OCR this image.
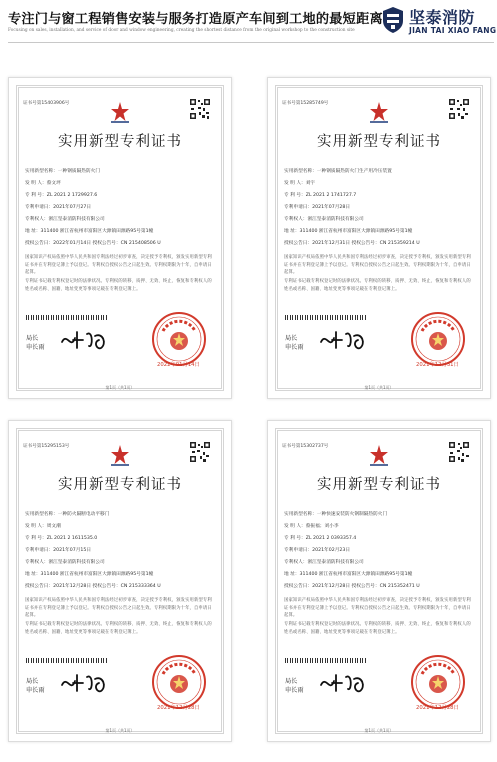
专注门与窗工程销售安装与服务打造原产车间到工地的最短距离
Focusing on sales, installation, and service of door and window engineering, creating the shortest distance from the original workshop to the construction site
坚泰消防
JIAN TAI XIAO FANG
证书号第15403906号
实用新型专利证书
实用新型名称：一种钢质隔热防火门
发 明 人：蔡文坪
专 利 号：ZL 2021 2 1729927.6
专利申请日：2021年07月27日
专利权人：浙江坚泰消防科技有限公司
地 址：311400 浙江省杭州市富阳区大源镇田源路95号第1幢
授权公告日：2022年01月14日 授权公告号：CN 215408506 U
国家知识产权局依照中华人民共和国专利法经过初步审查，决定授予专利权，颁发实用新型专利证书并在专利登记簿上予以登记。专利权自授权公告之日起生效。专利权期限为十年，自申请日起算。
专利证书记载专利权登记时的法律状况。专利权的转移、质押、无效、终止、恢复和专利权人的姓名或名称、国籍、地址变更等事项记载在专利登记簿上。
局长
申长雨
2022年01月14日
第1页（共1页）
证书号第15285749号
实用新型专利证书
实用新型名称：一种钢质隔热防火门生产用冷压装置
发 明 人：刘宇
专 利 号：ZL 2021 2 1741727.7
专利申请日：2021年07月28日
专利权人：浙江坚泰消防科技有限公司
地 址：311400 浙江省杭州市富阳区大源镇田源路95号第1幢
授权公告日：2021年12月31日 授权公告号：CN 215359214 U
国家知识产权局依照中华人民共和国专利法经过初步审查，决定授予专利权，颁发实用新型专利证书并在专利登记簿上予以登记。专利权自授权公告之日起生效。专利权期限为十年，自申请日起算。
专利证书记载专利权登记时的法律状况。专利权的转移、质押、无效、终止、恢复和专利权人的姓名或名称、国籍、地址变更等事项记载在专利登记簿上。
局长
申长雨
2021年12月31日
第1页（共1页）
证书号第15295153号
实用新型专利证书
实用新型名称：一种防火隔断电动平移门
发 明 人：周文潮
专 利 号：ZL 2021 2 1611535.0
专利申请日：2021年07月15日
专利权人：浙江坚泰消防科技有限公司
地 址：311400 浙江省杭州市富阳区大源镇田源路95号第1幢
授权公告日：2021年12月28日 授权公告号：CN 215333364 U
国家知识产权局依照中华人民共和国专利法经过初步审查，决定授予专利权，颁发实用新型专利证书并在专利登记簿上予以登记。专利权自授权公告之日起生效。专利权期限为十年，自申请日起算。
专利证书记载专利权登记时的法律状况。专利权的转移、质押、无效、终止、恢复和专利权人的姓名或名称、国籍、地址变更等事项记载在专利登记簿上。
局长
申长雨
2021年12月28日
第1页（共1页）
证书号第15302737号
实用新型专利证书
实用新型名称：一种快速安装防火钢制隔热防火门
发 明 人：蔡振福；刘小李
专 利 号：ZL 2021 2 0393357.4
专利申请日：2021年02月23日
专利权人：浙江坚泰消防科技有限公司
地 址：311400 浙江省杭州市富阳区大源镇田源路95号第1幢
授权公告日：2021年12月28日 授权公告号：CN 215352471 U
国家知识产权局依照中华人民共和国专利法经过初步审查，决定授予专利权，颁发实用新型专利证书并在专利登记簿上予以登记。专利权自授权公告之日起生效。专利权期限为十年，自申请日起算。
专利证书记载专利权登记时的法律状况。专利权的转移、质押、无效、终止、恢复和专利权人的姓名或名称、国籍、地址变更等事项记载在专利登记簿上。
局长
申长雨
2021年12月28日
第1页（共1页）
